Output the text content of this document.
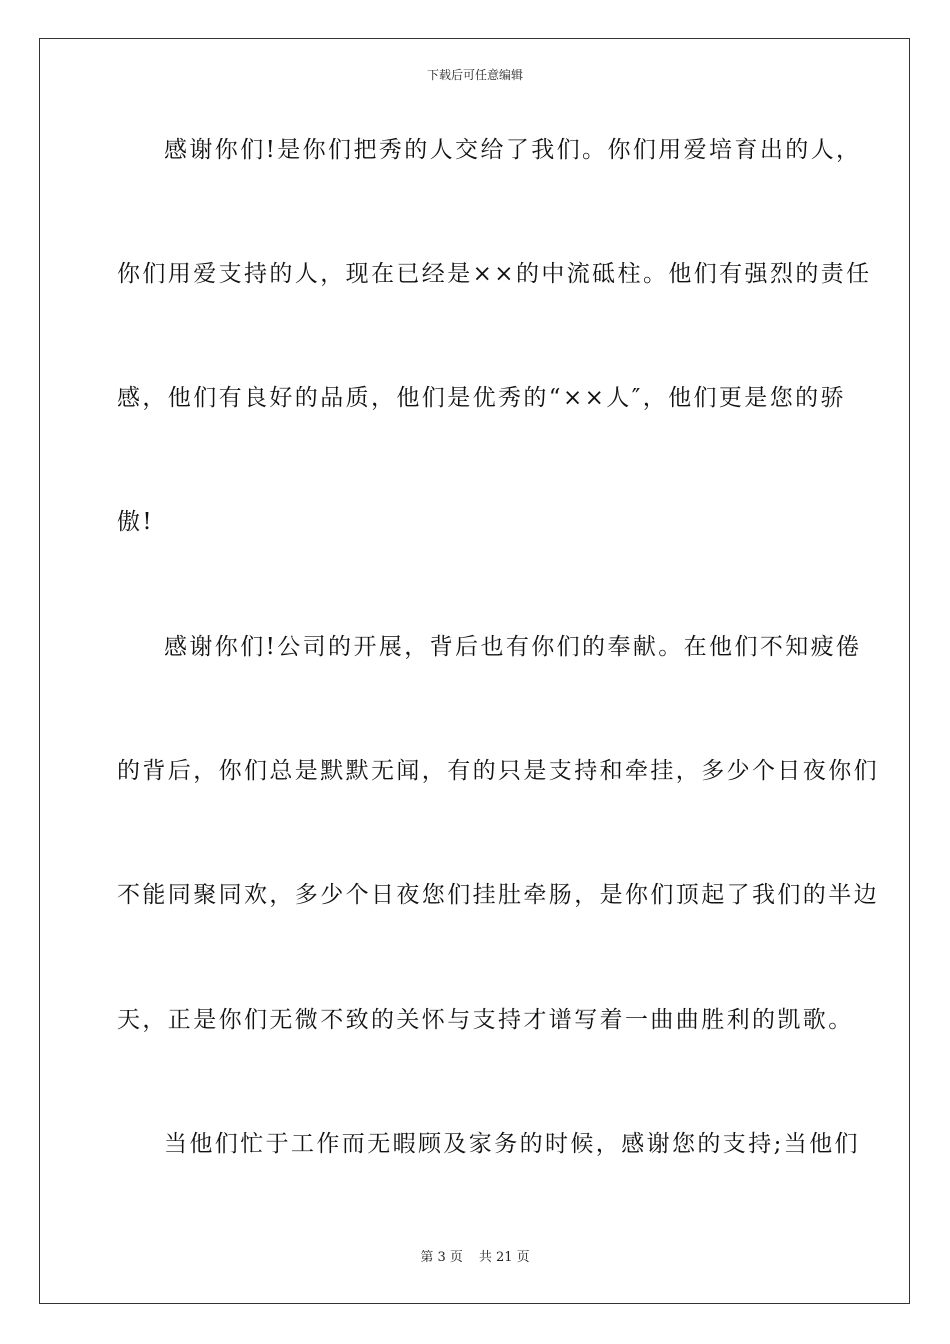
下载后可任意编辑
感谢你们!是你们把秀的人交给了我们。你们用爱培育出的人，
你们用爱支持的人，现在已经是××的中流砥柱。他们有强烈的责任
感，他们有良好的品质，他们是优秀的“××人″，他们更是您的骄
傲!
感谢你们!公司的开展，背后也有你们的奉献。在他们不知疲倦
的背后，你们总是默默无闻，有的只是支持和牵挂，多少个日夜你们
不能同聚同欢，多少个日夜您们挂肚牵肠，是你们顶起了我们的半边
天，正是你们无微不致的关怀与支持才谱写着一曲曲胜利的凯歌。
当他们忙于工作而无暇顾及家务的时候，感谢您的支持;当他们
第 3 页 共 21 页
